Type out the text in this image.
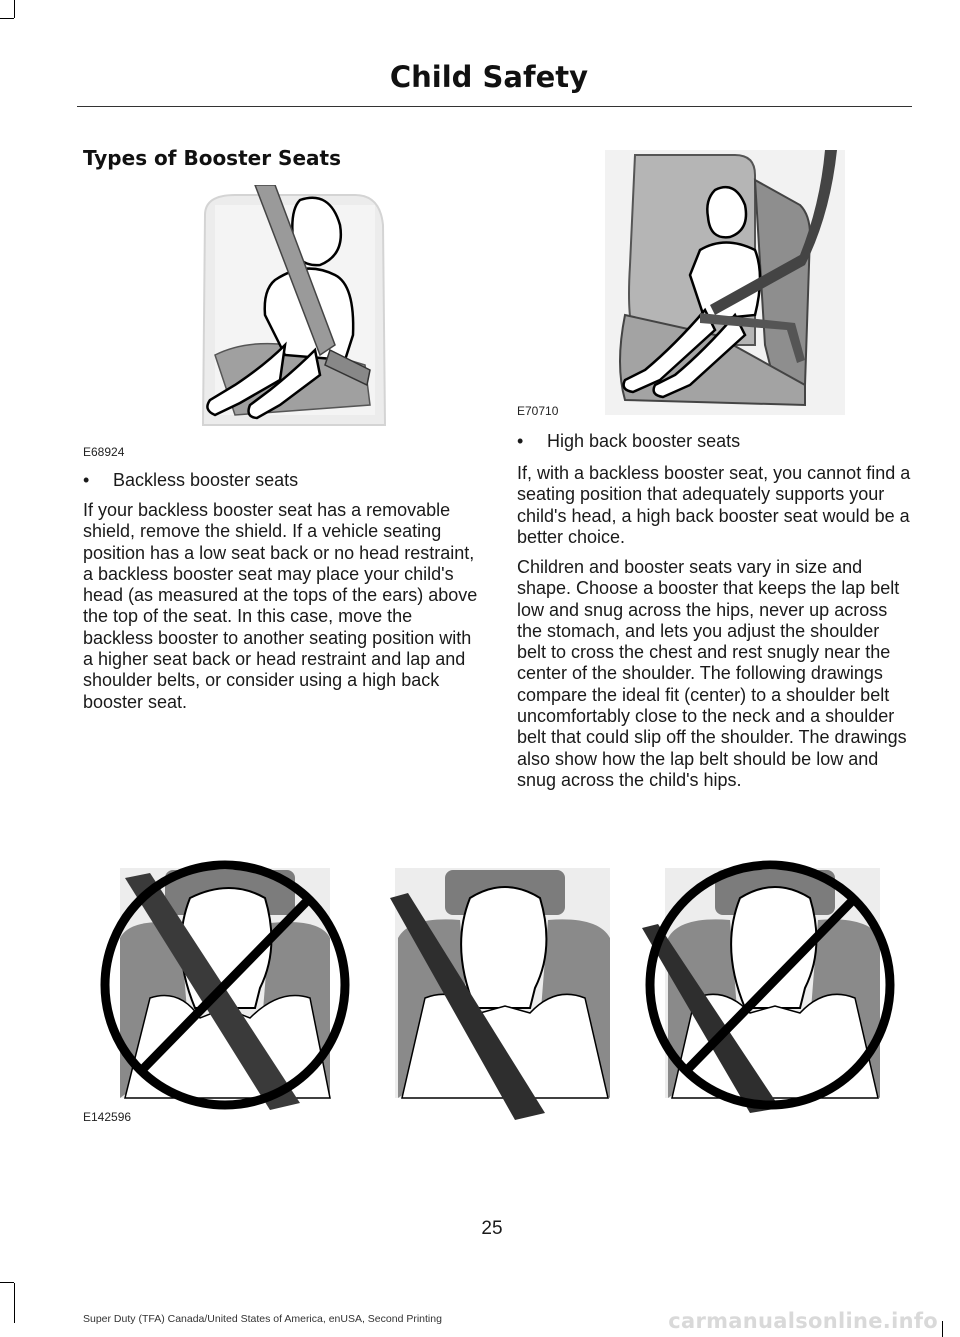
Child Safety
Types of Booster Seats
E68924
E70710
• Backless booster seats

If your backless booster seat has a removable shield, remove the shield. If a vehicle seating position has a low seat back or no head restraint, a backless booster seat may place your child's head (as measured at the tops of the ears) above the top of the seat. In this case, move the backless booster to another seating position with a higher seat back or head restraint and lap and shoulder belts, or consider using a high back booster seat.

• High back booster seats

If, with a backless booster seat, you cannot find a seating position that adequately supports your child's head, a high back booster seat would be a better choice.

Children and booster seats vary in size and shape. Choose a booster that keeps the lap belt low and snug across the hips, never up across the stomach, and lets you adjust the shoulder belt to cross the chest and rest snugly near the center of the shoulder. The following drawings compare the ideal fit (center) to a shoulder belt uncomfortably close to the neck and a shoulder belt that could slip off the shoulder. The drawings also show how the lap belt should be low and snug across the child's hips.

E142596
25
Super Duty (TFA) Canada/United States of America, enUSA, Second Printing	carmanualsonline.info
